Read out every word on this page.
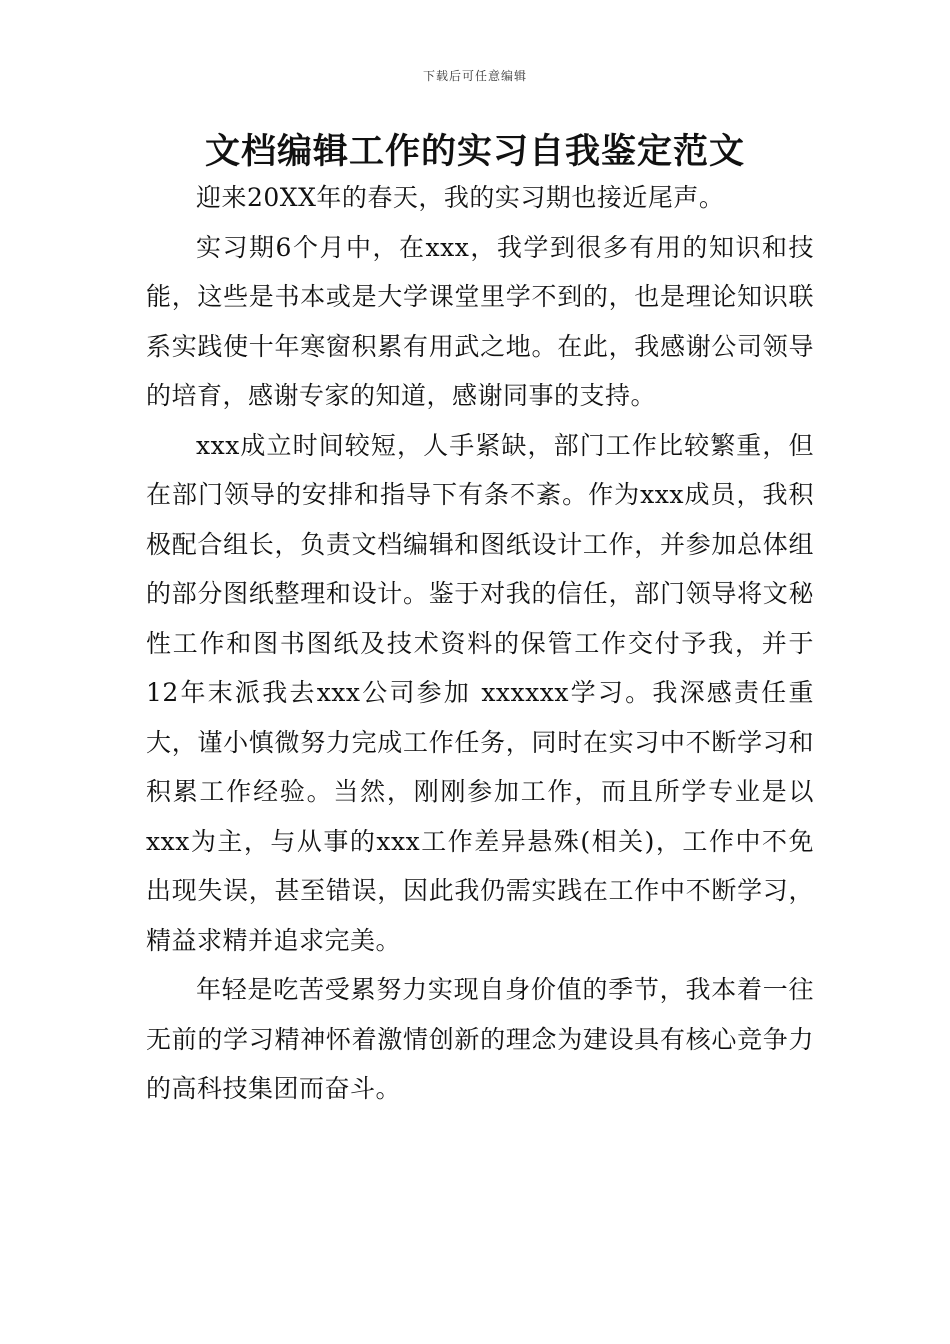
下载后可任意编辑
文档编辑工作的实习自我鉴定范文

迎来20XX年的春天，我的实习期也接近尾声。

实习期6个月中，在xxx，我学到很多有用的知识和技能，这些是书本或是大学课堂里学不到的，也是理论知识联系实践使十年寒窗积累有用武之地。在此，我感谢公司领导的培育，感谢专家的知道，感谢同事的支持。

xxx成立时间较短，人手紧缺，部门工作比较繁重，但在部门领导的安排和指导下有条不紊。作为xxx成员，我积极配合组长，负责文档编辑和图纸设计工作，并参加总体组的部分图纸整理和设计。鉴于对我的信任，部门领导将文秘性工作和图书图纸及技术资料的保管工作交付予我，并于12年末派我去xxx公司参加 xxxxxx学习。我深感责任重大，谨小慎微努力完成工作任务，同时在实习中不断学习和积累工作经验。当然，刚刚参加工作，而且所学专业是以xxx为主，与从事的xxx工作差异悬殊(相关)，工作中不免出现失误，甚至错误，因此我仍需实践在工作中不断学习，精益求精并追求完美。

年轻是吃苦受累努力实现自身价值的季节，我本着一往无前的学习精神怀着激情创新的理念为建设具有核心竞争力的高科技集团而奋斗。
